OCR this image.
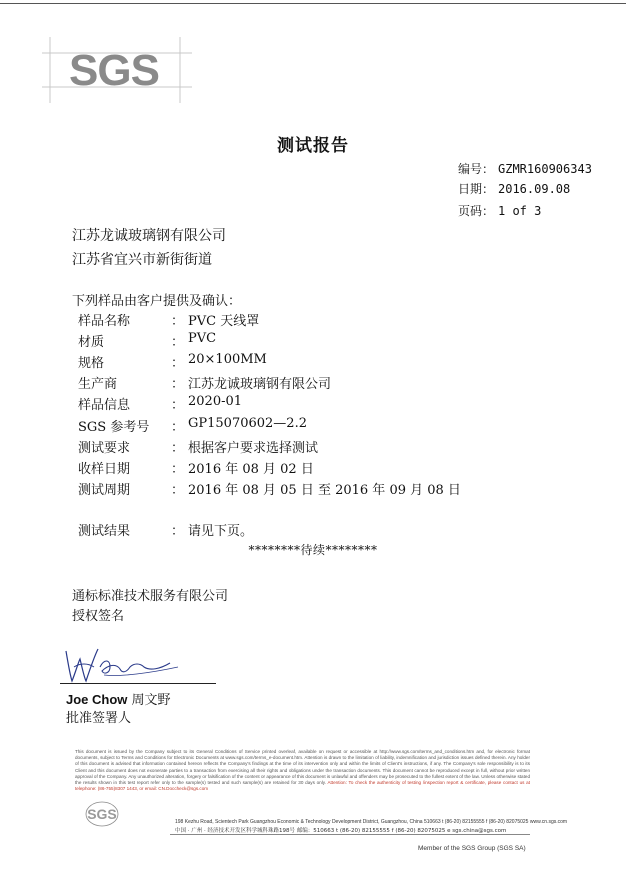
SGS
测试报告
编号： GZMR160906343
日期： 2016.09.08
页码： 1 of 3
江苏龙诚玻璃钢有限公司
江苏省宜兴市新街街道
下列样品由客户提供及确认：
样品名称	： PVC 天线罩
材质	： PVC
规格	： 20×100MM
生产商	： 江苏龙诚玻璃钢有限公司
样品信息	： 2020-01
SGS 参考号 ： GP15070602—2.2
测试要求	： 根据客户要求选择测试
收样日期	： 2016 年 08 月 02 日
测试周期	： 2016 年 08 月 05 日 至 2016 年 09 月 08 日
测试结果	： 请见下页。
********待续********
通标标准技术服务有限公司
授权签名
Joe Chow 周文野
批准签署人
This document is issued by the Company subject to its General Conditions of Service printed overleaf, available on request or accessible at http://www.sgs.com/terms_and_conditions.htm and, for electronic format documents, subject to Terms and Conditions for Electronic Documents at www.sgs.com/terms_e-document.htm. Attention is drawn to the limitation of liability, indemnification and jurisdiction issues defined therein. Any holder of this document is advised that information contained hereon reflects the Company's findings at the time of its intervention only and within the limits of Client's instructions, if any. The Company's sole responsibility is to its Client and this document does not exonerate parties to a transaction from exercising all their rights and obligations under the transaction documents. This document cannot be reproduced except in full, without prior written approval of the Company. Any unauthorized alteration, forgery or falsification of the content or appearance of this document is unlawful and offenders may be prosecuted to the fullest extent of the law. Unless otherwise stated the results shown in this test report refer only to the sample(s) tested and such sample(s) are retained for 30 days only. Attention: To check the authenticity of testing /inspection report & certificate, please contact us at telephone: (86-755)8307 1443, or email: CN.Doccheck@sgs.com
SGS	198 Kezhu Road, Scientech Park Guangzhou Economic & Technology Development District, Guangzhou, China 510663 t (86-20) 82155555 f (86-20) 82075025 www.cn.sgs.com
中国 · 广州 · 经济技术开发区科学城科珠路198号 邮编：510663 t (86-20) 82155555 f (86-20) 82075025 e sgs.china@sgs.com
Member of the SGS Group (SGS SA)
